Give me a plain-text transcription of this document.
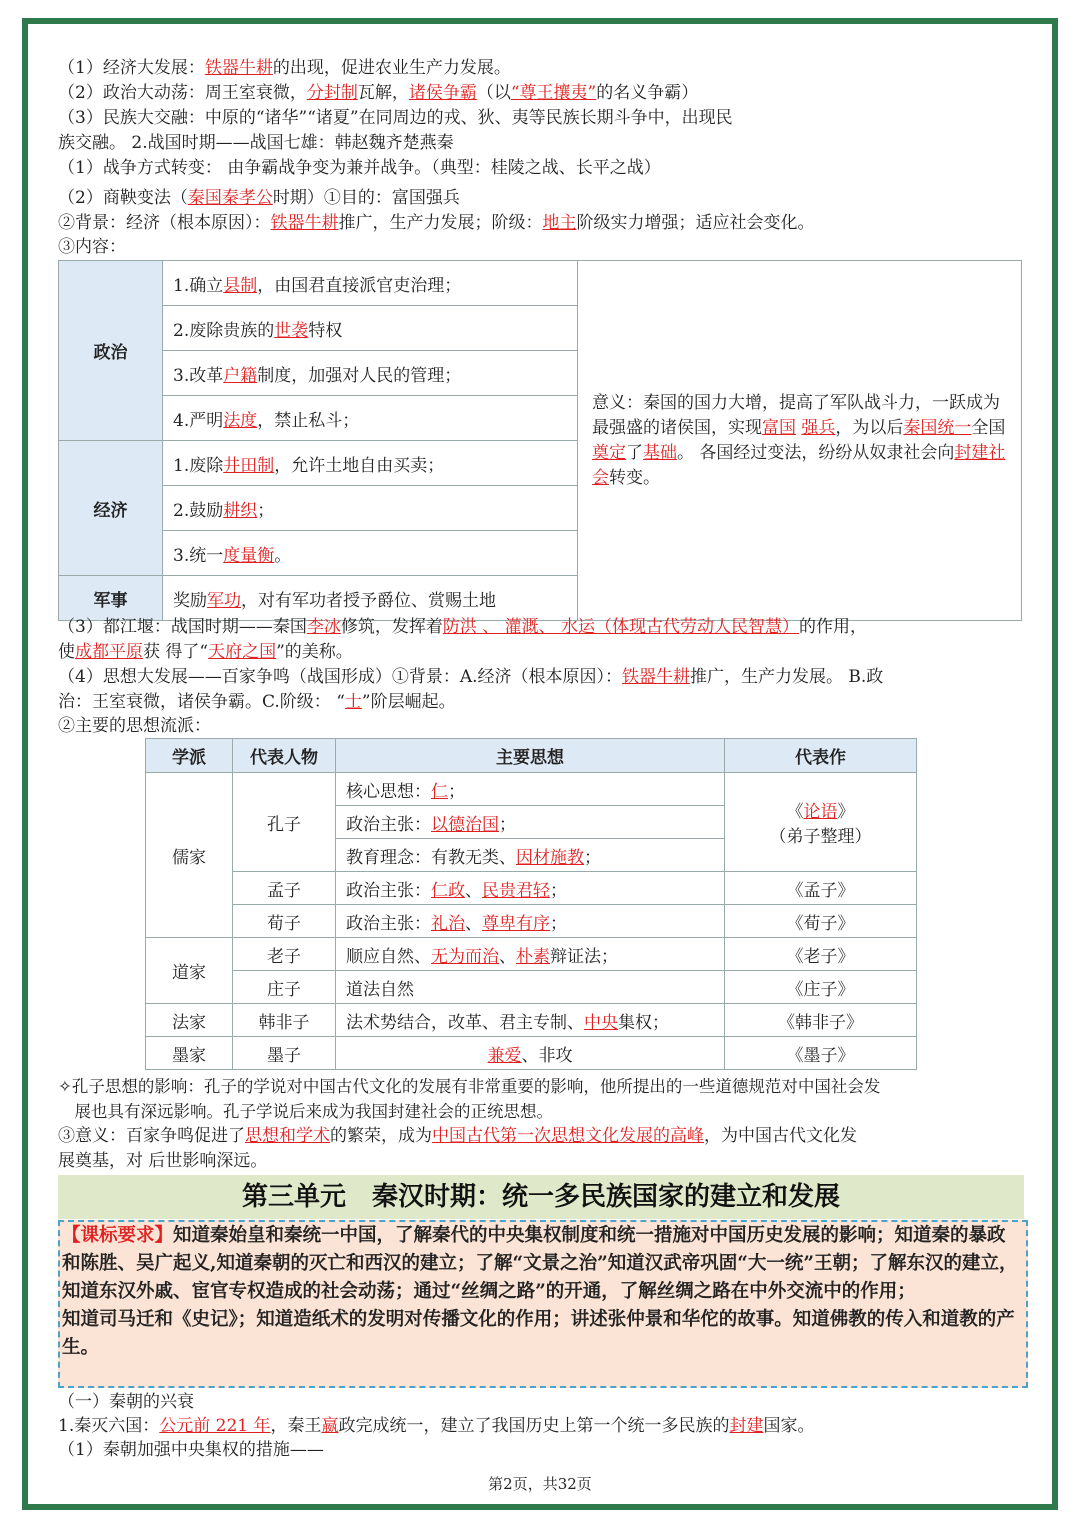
（1）经济大发展：铁器牛耕的出现，促进农业生产力发展。
（2）政治大动荡：周王室衰微，分封制瓦解，诸侯争霸（以“尊王攘夷”的名义争霸）
（3）民族大交融：中原的“诸华”“诸夏”在同周边的戎、狄、夷等民族长期斗争中，出现民
族交融。 2.战国时期——战国七雄：韩赵魏齐楚燕秦
（1）战争方式转变： 由争霸战争变为兼并战争。（典型：桂陵之战、长平之战）
（2）商鞅变法（秦国秦孝公时期）①目的：富国强兵
②背景：经济（根本原因）：铁器牛耕推广，生产力发展；阶级：地主阶级实力增强；适应社会变化。
③内容：
政治	1.确立县制，由国君直接派官吏治理；	意义：秦国的国力大增，提高了军队战斗力，一跃成为 最强盛的诸侯国，实现富国 强兵，为以后秦国统一全国奠定了基础。 各国经过变法，纷纷从奴隶社会向封建社会转变。
	2.废除贵族的世袭特权	
	3.改革户籍制度，加强对人民的管理；	
	4.严明法度，禁止私斗；	
经济	1.废除井田制，允许土地自由买卖；	
	2.鼓励耕织；	
	3.统一度量衡。	
军事	奖励军功，对有军功者授予爵位、赏赐土地	
（3）都江堰：战国时期——秦国李冰修筑，发挥着防洪 、 灌溉、 水运（体现古代劳动人民智慧）的作用，
使成都平原获 得了“天府之国”的美称。
（4）思想大发展——百家争鸣（战国形成）①背景：A.经济（根本原因）：铁器牛耕推广，生产力发展。 B.政
治：王室衰微，诸侯争霸。C.阶级： “士”阶层崛起。
②主要的思想流派：
学派	代表人物	主要思想	代表作
儒家	孔子	核心思想：仁；	《论语》
（弟子整理）

		政治主张：以德治国；	
		教育理念：有教无类、因材施教；	
	孟子	政治主张：仁政、民贵君轻；	《孟子》
	荀子	政治主张：礼治、尊卑有序；	《荀子》
道家	老子	顺应自然、无为而治、朴素辩证法；	《老子》
	庄子	道法自然	《庄子》
法家	韩非子	法术势结合，改革、君主专制、中央集权；	《韩非子》
墨家	墨子	兼爱、非攻	《墨子》
✧孔子思想的影响：孔子的学说对中国古代文化的发展有非常重要的影响，他所提出的一些道德规范对中国社会发
　展也具有深远影响。孔子学说后来成为我国封建社会的正统思想。
③意义：百家争鸣促进了思想和学术的繁荣，成为中国古代第一次思想文化发展的高峰，为中国古代文化发
展奠基，对 后世影响深远。
第三单元　秦汉时期：统一多民族国家的建立和发展
【课标要求】知道秦始皇和秦统一中国，了解秦代的中央集权制度和统一措施对中国历史发展的影响；知道秦的暴政和陈胜、吴广起义,知道秦朝的灭亡和西汉的建立；了解“文景之治”知道汉武帝巩固“大一统”王朝；了解东汉的建立，知道东汉外戚、宦官专权造成的社会动荡；通过“丝绸之路”的开通，了解丝绸之路在中外交流中的作用；
知道司马迁和《史记》；知道造纸术的发明对传播文化的作用；讲述张仲景和华佗的故事。知道佛教的传入和道教的产生。
（一）秦朝的兴衰
1.秦灭六国：公元前 221 年，秦王嬴政完成统一，建立了我国历史上第一个统一多民族的封建国家。
（1）秦朝加强中央集权的措施——
第2页，共32页
